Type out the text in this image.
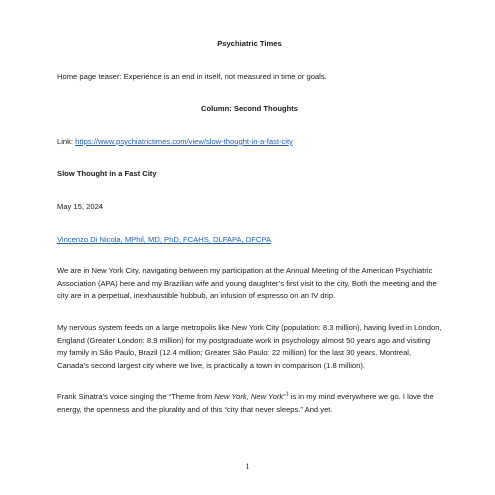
Psychiatric Times

Home page teaser: Experience is an end in itself, not measured in time or goals.

Column: Second Thoughts

Link: https://www.psychiatrictimes.com/view/slow-thought-in-a-fast-city

Slow Thought in a Fast City

May 15, 2024

Vincenzo Di Nicola, MPhil, MD, PhD, FCAHS, DLFAPA, DFCPA

We are in New York City, navigating between my participation at the Annual Meeting of the American Psychiatric Association (APA) here and my Brazilian wife and young daughter’s first visit to the city. Both the meeting and the city are in a perpetual, inexhaustible hubbub, an infusion of espresso on an IV drip.

My nervous system feeds on a large metropolis like New York City (population: 8.3 million), having lived in London, England (Greater London: 8.9 million) for my postgraduate work in psychology almost 50 years ago and visiting my family in São Paulo, Brazil (12.4 million; Greater São Paulo: 22 million) for the last 30 years. Montreal, Canada’s second largest city where we live, is practically a town in comparison (1.8 million).

Frank Sinatra’s voice singing the “Theme from New York, New York”$^1$ is in my mind everywhere we go. I love the energy, the openness and the plurality and of this “city that never sleeps.” And yet.

1
